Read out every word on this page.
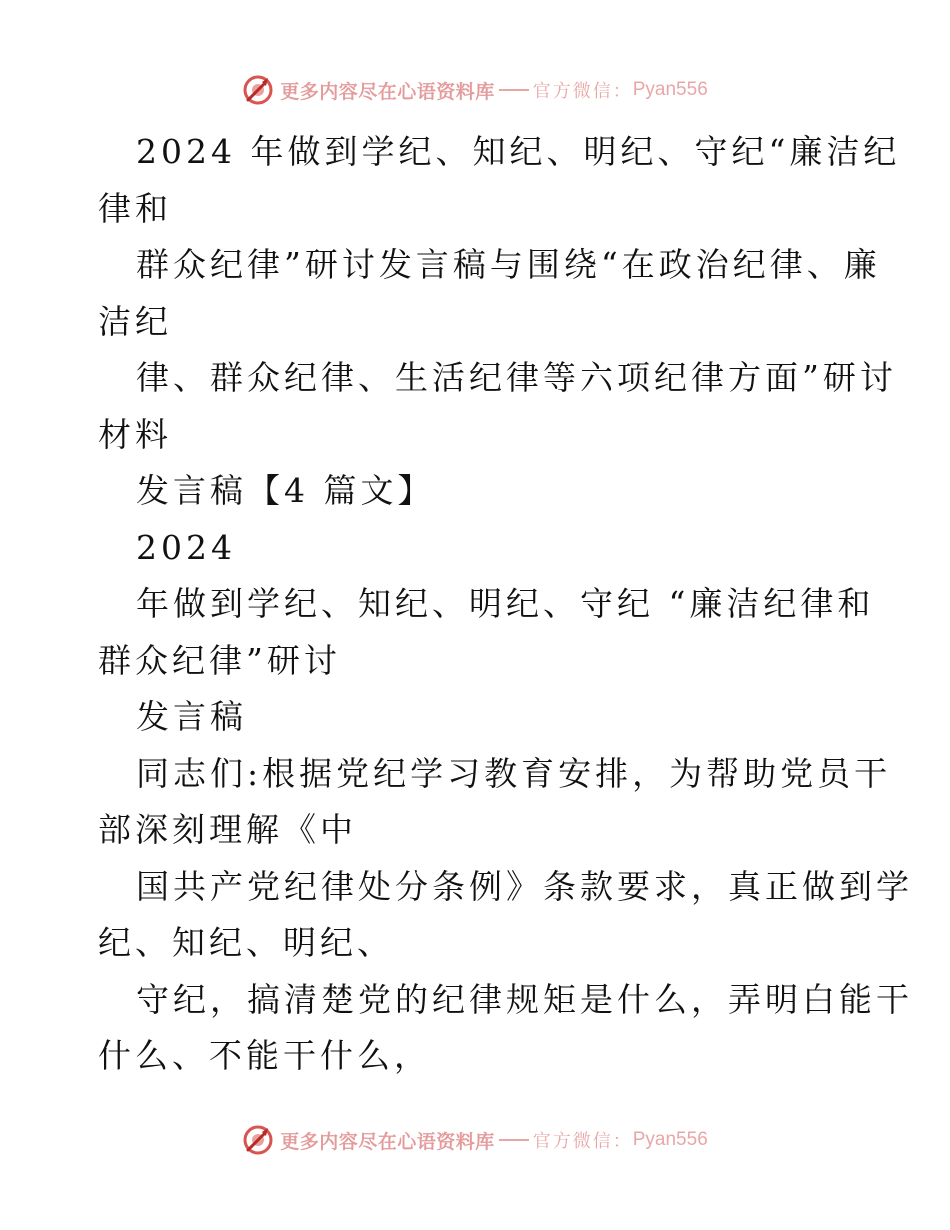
更多内容尽在心语资料库 官方微信： Pyan556
2024 年做到学纪、知纪、明纪、守纪“廉洁纪
律和
群众纪律”研讨发言稿与围绕“在政治纪律、廉
洁纪
律、群众纪律、生活纪律等六项纪律方面”研讨
材料
发言稿【4 篇文】
2024
年做到学纪、知纪、明纪、守纪 “廉洁纪律和
群众纪律”研讨
发言稿
同志们:根据党纪学习教育安排，为帮助党员干
部深刻理解《中
国共产党纪律处分条例》条款要求，真正做到学
纪、知纪、明纪、
守纪，搞清楚党的纪律规矩是什么，弄明白能干
什么、不能干什么，
更多内容尽在心语资料库 官方微信： Pyan556
